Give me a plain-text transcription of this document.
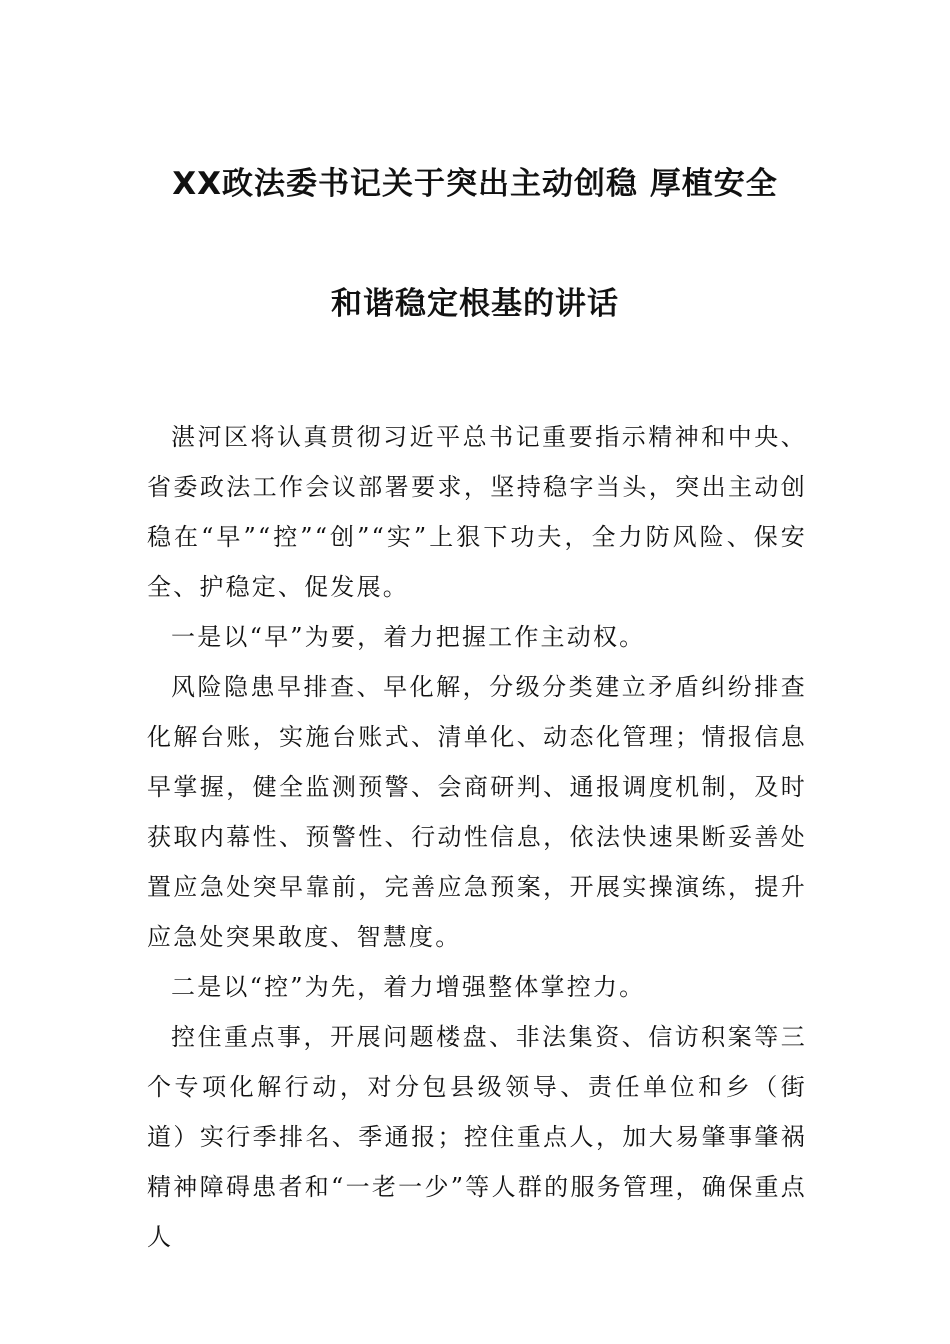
XX政法委书记关于突出主动创稳 厚植安全
和谐稳定根基的讲话

湛河区将认真贯彻习近平总书记重要指示精神和中央、省委政法工作会议部署要求，坚持稳字当头，突出主动创稳在“早”“控”“创”“实”上狠下功夫，全力防风险、保安全、护稳定、促发展。

一是以“早”为要，着力把握工作主动权。

风险隐患早排查、早化解，分级分类建立矛盾纠纷排查化解台账，实施台账式、清单化、动态化管理；情报信息早掌握，健全监测预警、会商研判、通报调度机制，及时获取内幕性、预警性、行动性信息，依法快速果断妥善处置应急处突早靠前，完善应急预案，开展实操演练，提升应急处突果敢度、智慧度。

二是以“控”为先，着力增强整体掌控力。

控住重点事，开展问题楼盘、非法集资、信访积案等三个专项化解行动，对分包县级领导、责任单位和乡（街道）实行季排名、季通报；控住重点人，加大易肇事肇祸精神障碍患者和“一老一少”等人群的服务管理，确保重点人
